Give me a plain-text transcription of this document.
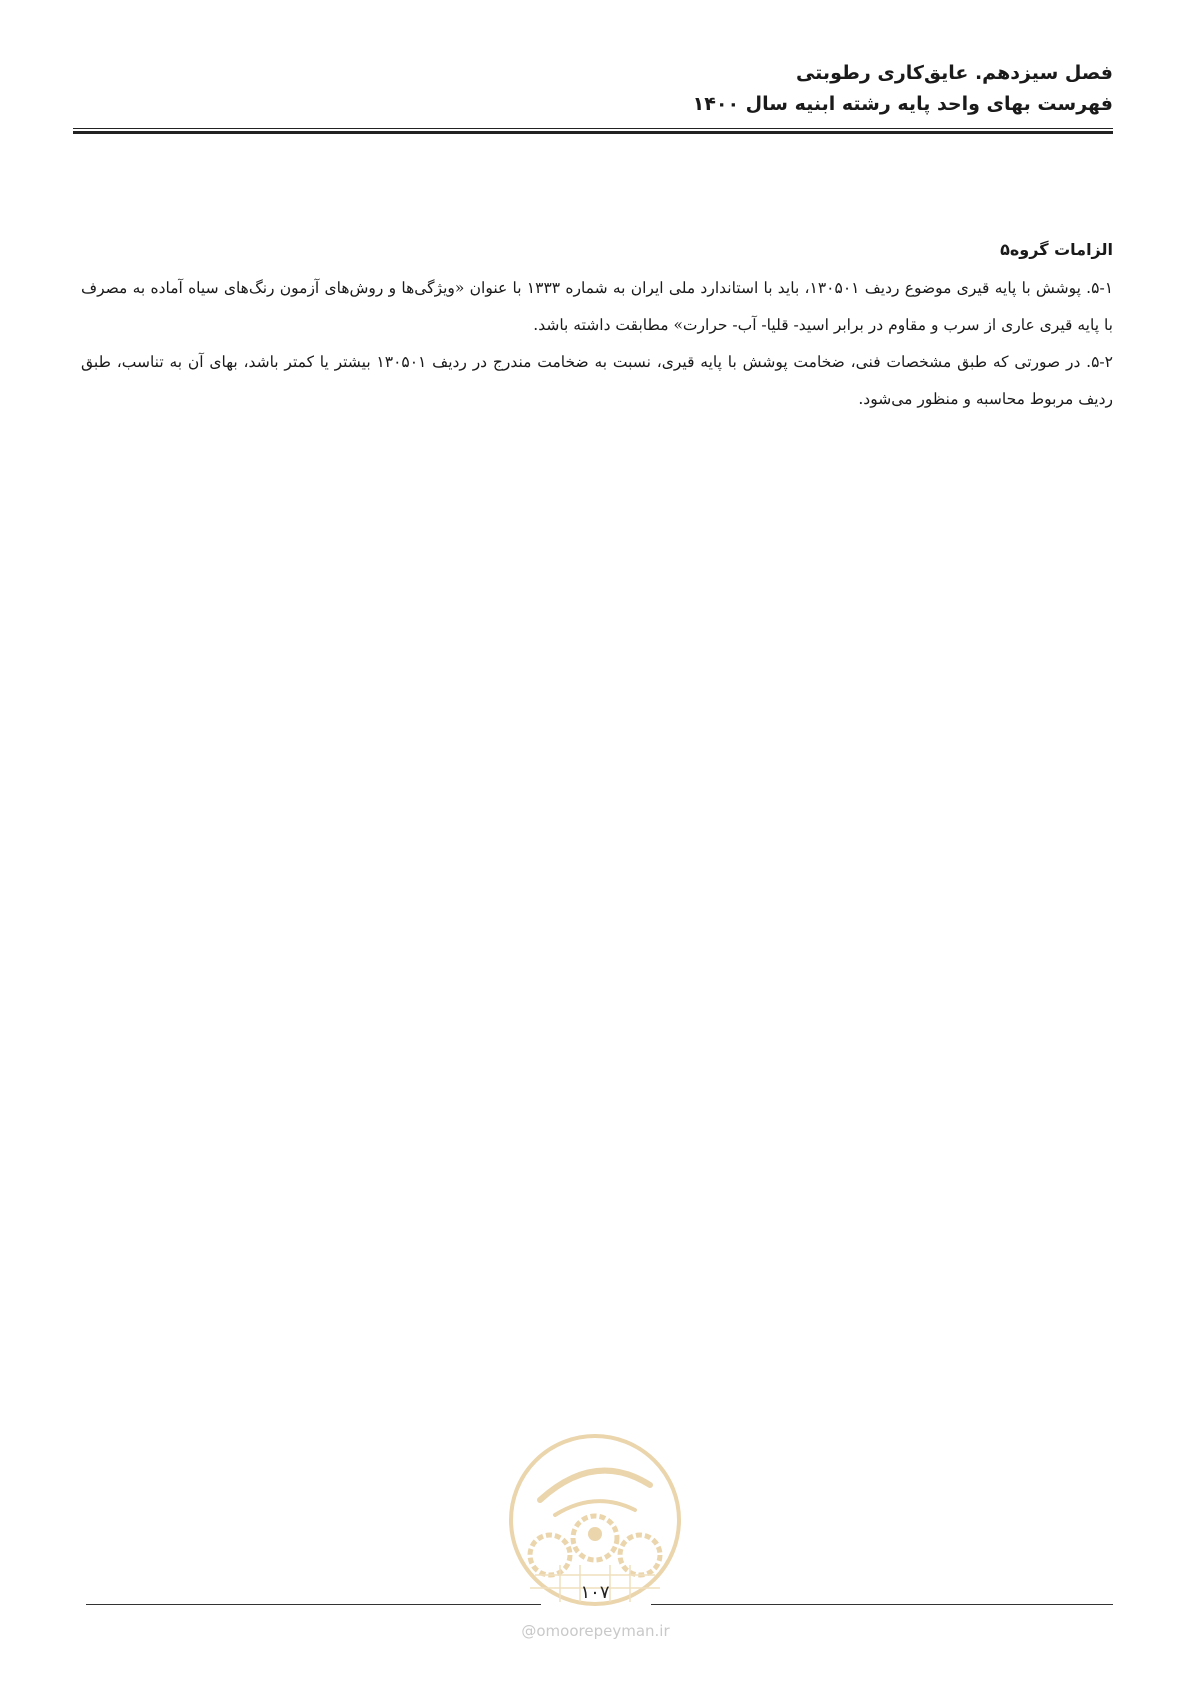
فصل سیزدهم. عایق‌کاری رطوبتی
فهرست بهای واحد پایه رشته ابنیه سال ۱۴۰۰
الزامات گروه۵
۵-۱. پوشش با پایه قیری موضوع ردیف ۱۳۰۵۰۱، باید با استاندارد ملی ایران به شماره ۱۳۳۳ با عنوان «ویژگی‌ها و روش‌های آزمون رنگ‌های سیاه آماده به مصرف با پایه قیری عاری از سرب و مقاوم در برابر اسید- قلیا- آب- حرارت» مطابقت داشته باشد.
۵-۲. در صورتی که طبق مشخصات فنی، ضخامت پوشش با پایه قیری، نسبت به ضخامت مندرج در ردیف ۱۳۰۵۰۱ بیشتر یا کمتر باشد، بهای آن به تناسب، طبق ردیف مربوط محاسبه و منظور می‌شود.
۱۰۷
@omoorepeyman.ir
